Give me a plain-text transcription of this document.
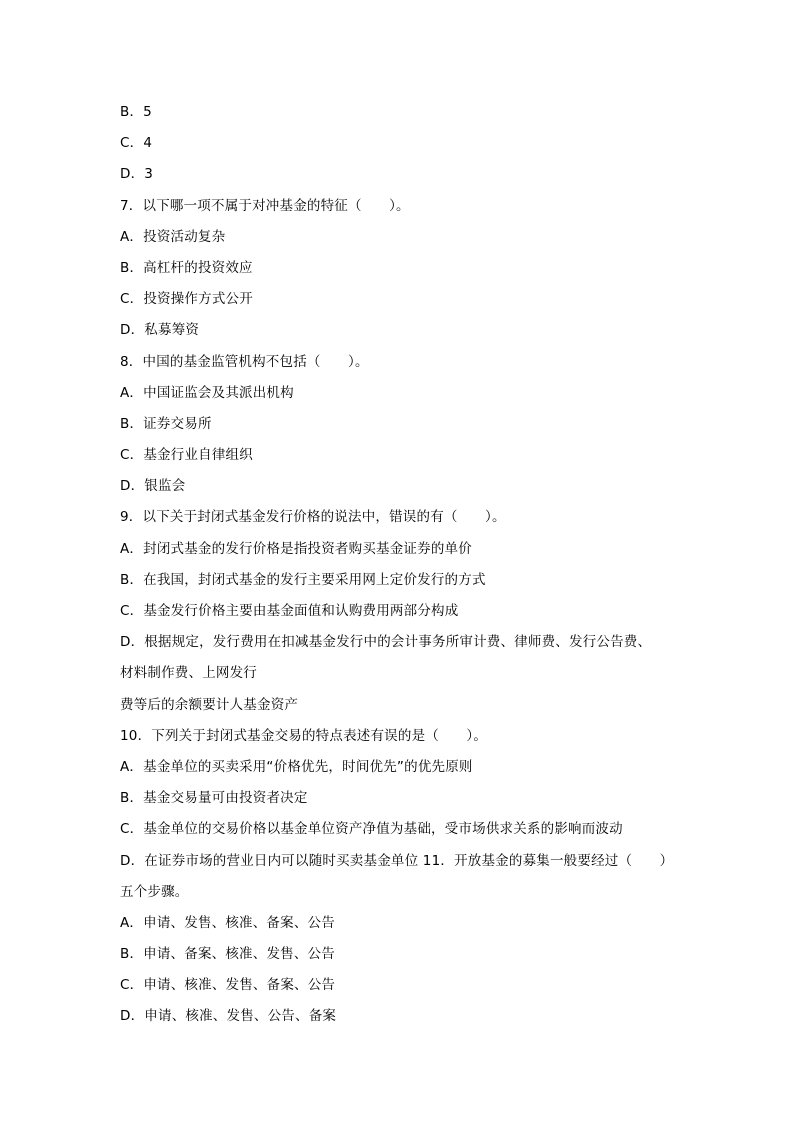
B．5
C．4
D．3
7．以下哪一项不属于对冲基金的特征（　　）。
A．投资活动复杂
B．高杠杆的投资效应
C．投资操作方式公开
D．私募筹资
8．中国的基金监管机构不包括（　　）。
A．中国证监会及其派出机构
B．证券交易所
C．基金行业自律组织
D．银监会
9．以下关于封闭式基金发行价格的说法中，错误的有（　　）。
A．封闭式基金的发行价格是指投资者购买基金证券的单价
B．在我国，封闭式基金的发行主要采用网上定价发行的方式
C．基金发行价格主要由基金面值和认购费用两部分构成
D．根据规定，发行费用在扣减基金发行中的会计事务所审计费、律师费、发行公告费、
材料制作费、上网发行
费等后的余额要计人基金资产
10．下列关于封闭式基金交易的特点表述有误的是（　　）。
A．基金单位的买卖采用“价格优先，时间优先”的优先原则
B．基金交易量可由投资者决定
C．基金单位的交易价格以基金单位资产净值为基础，受市场供求关系的影响而波动
D．在证券市场的营业日内可以随时买卖基金单位 11．开放基金的募集一般要经过（　　）
五个步骤。
A．申请、发售、核准、备案、公告
B．申请、备案、核准、发售、公告
C．申请、核准、发售、备案、公告
D．申请、核准、发售、公告、备案
